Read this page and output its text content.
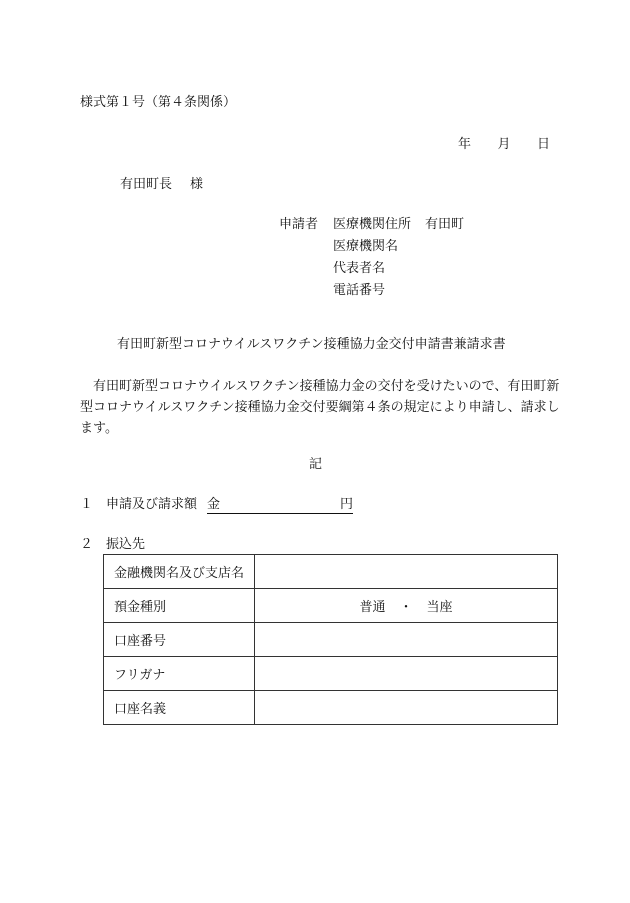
様式第１号（第４条関係）
年 月 日
有田町長 様
申請者	医療機関住所	有田町
医療機関名
代表者名
電話番号
有田町新型コロナウイルスワクチン接種協力金交付申請書兼請求書
　有田町新型コロナウイルスワクチン接種協力金の交付を受けたいので、有田町新型コロナウイルスワクチン接種協力金交付要綱第４条の規定により申請し、請求します。
記
１ 申請及び請求額 金	円
２ 振込先
金融機関名及び支店名	
預金種別	普通 ・ 当座
口座番号	
フリガナ	
口座名義	
